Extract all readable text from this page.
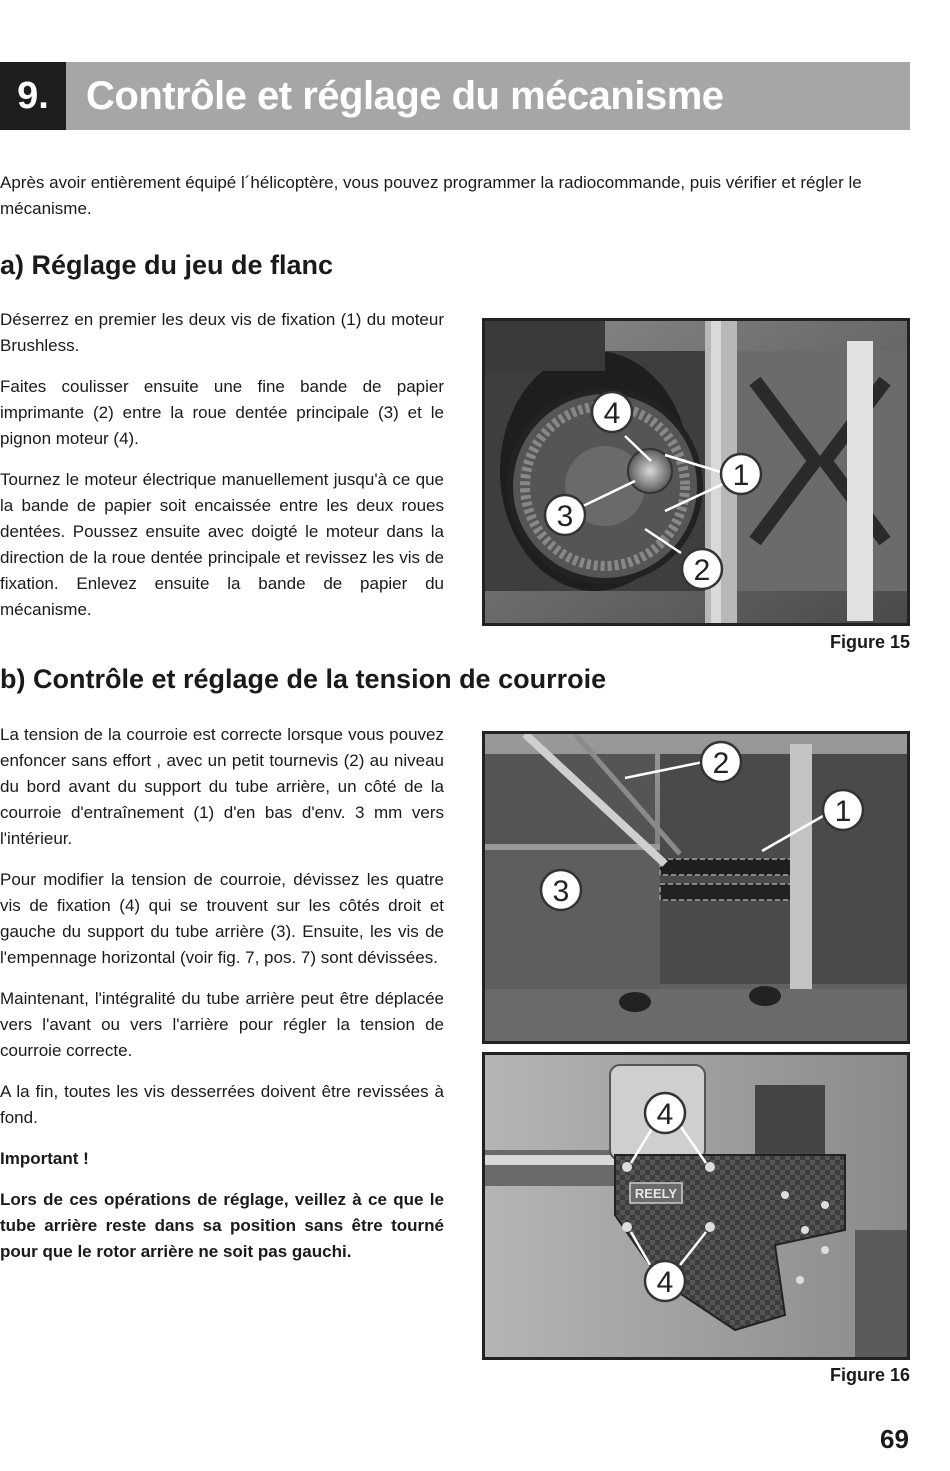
9. Contrôle et réglage du mécanisme

Après avoir entièrement équipé l´hélicoptère, vous pouvez programmer la radiocommande, puis vérifier et régler le mécanisme.

a) Réglage du jeu de flanc

Déserrez en premier les deux vis de fixation (1) du moteur Brushless.

Faites coulisser ensuite une fine bande de papier imprimante (2) entre la roue dentée principale (3) et le pignon moteur (4).

Tournez le moteur électrique manuellement jusqu'à ce que la bande de papier soit encaissée entre les deux roues dentées. Poussez ensuite avec doigté le moteur dans la direction de la roue dentée principale et revissez les vis de fixation. Enlevez ensuite la bande de papier du mécanisme.

4
1
3
2
Figure 15
b) Contrôle et réglage de la tension de courroie

La tension de la courroie est correcte lorsque vous pouvez enfoncer sans effort , avec un petit tournevis (2) au niveau du bord avant du support du tube arrière, un côté de la courroie d'entraînement (1) d'en bas d'env. 3 mm vers l'intérieur.

Pour modifier la tension de courroie, dévissez les quatre vis de fixation (4) qui se trouvent sur les côtés droit et gauche du support du tube arrière (3). Ensuite, les vis de l'empennage horizontal (voir fig. 7, pos. 7) sont dévissées.

Maintenant, l'intégralité du tube arrière peut être déplacée vers l'avant ou vers l'arrière pour régler la tension de courroie correcte.

A la fin, toutes les vis desserrées doivent être revissées à fond.

Important !

Lors de ces opérations de réglage, veillez à ce que le tube arrière reste dans sa position sans être tourné pour que le rotor arrière ne soit pas gauchi.

2
1
3
REELY
4
4
Figure 16
69
